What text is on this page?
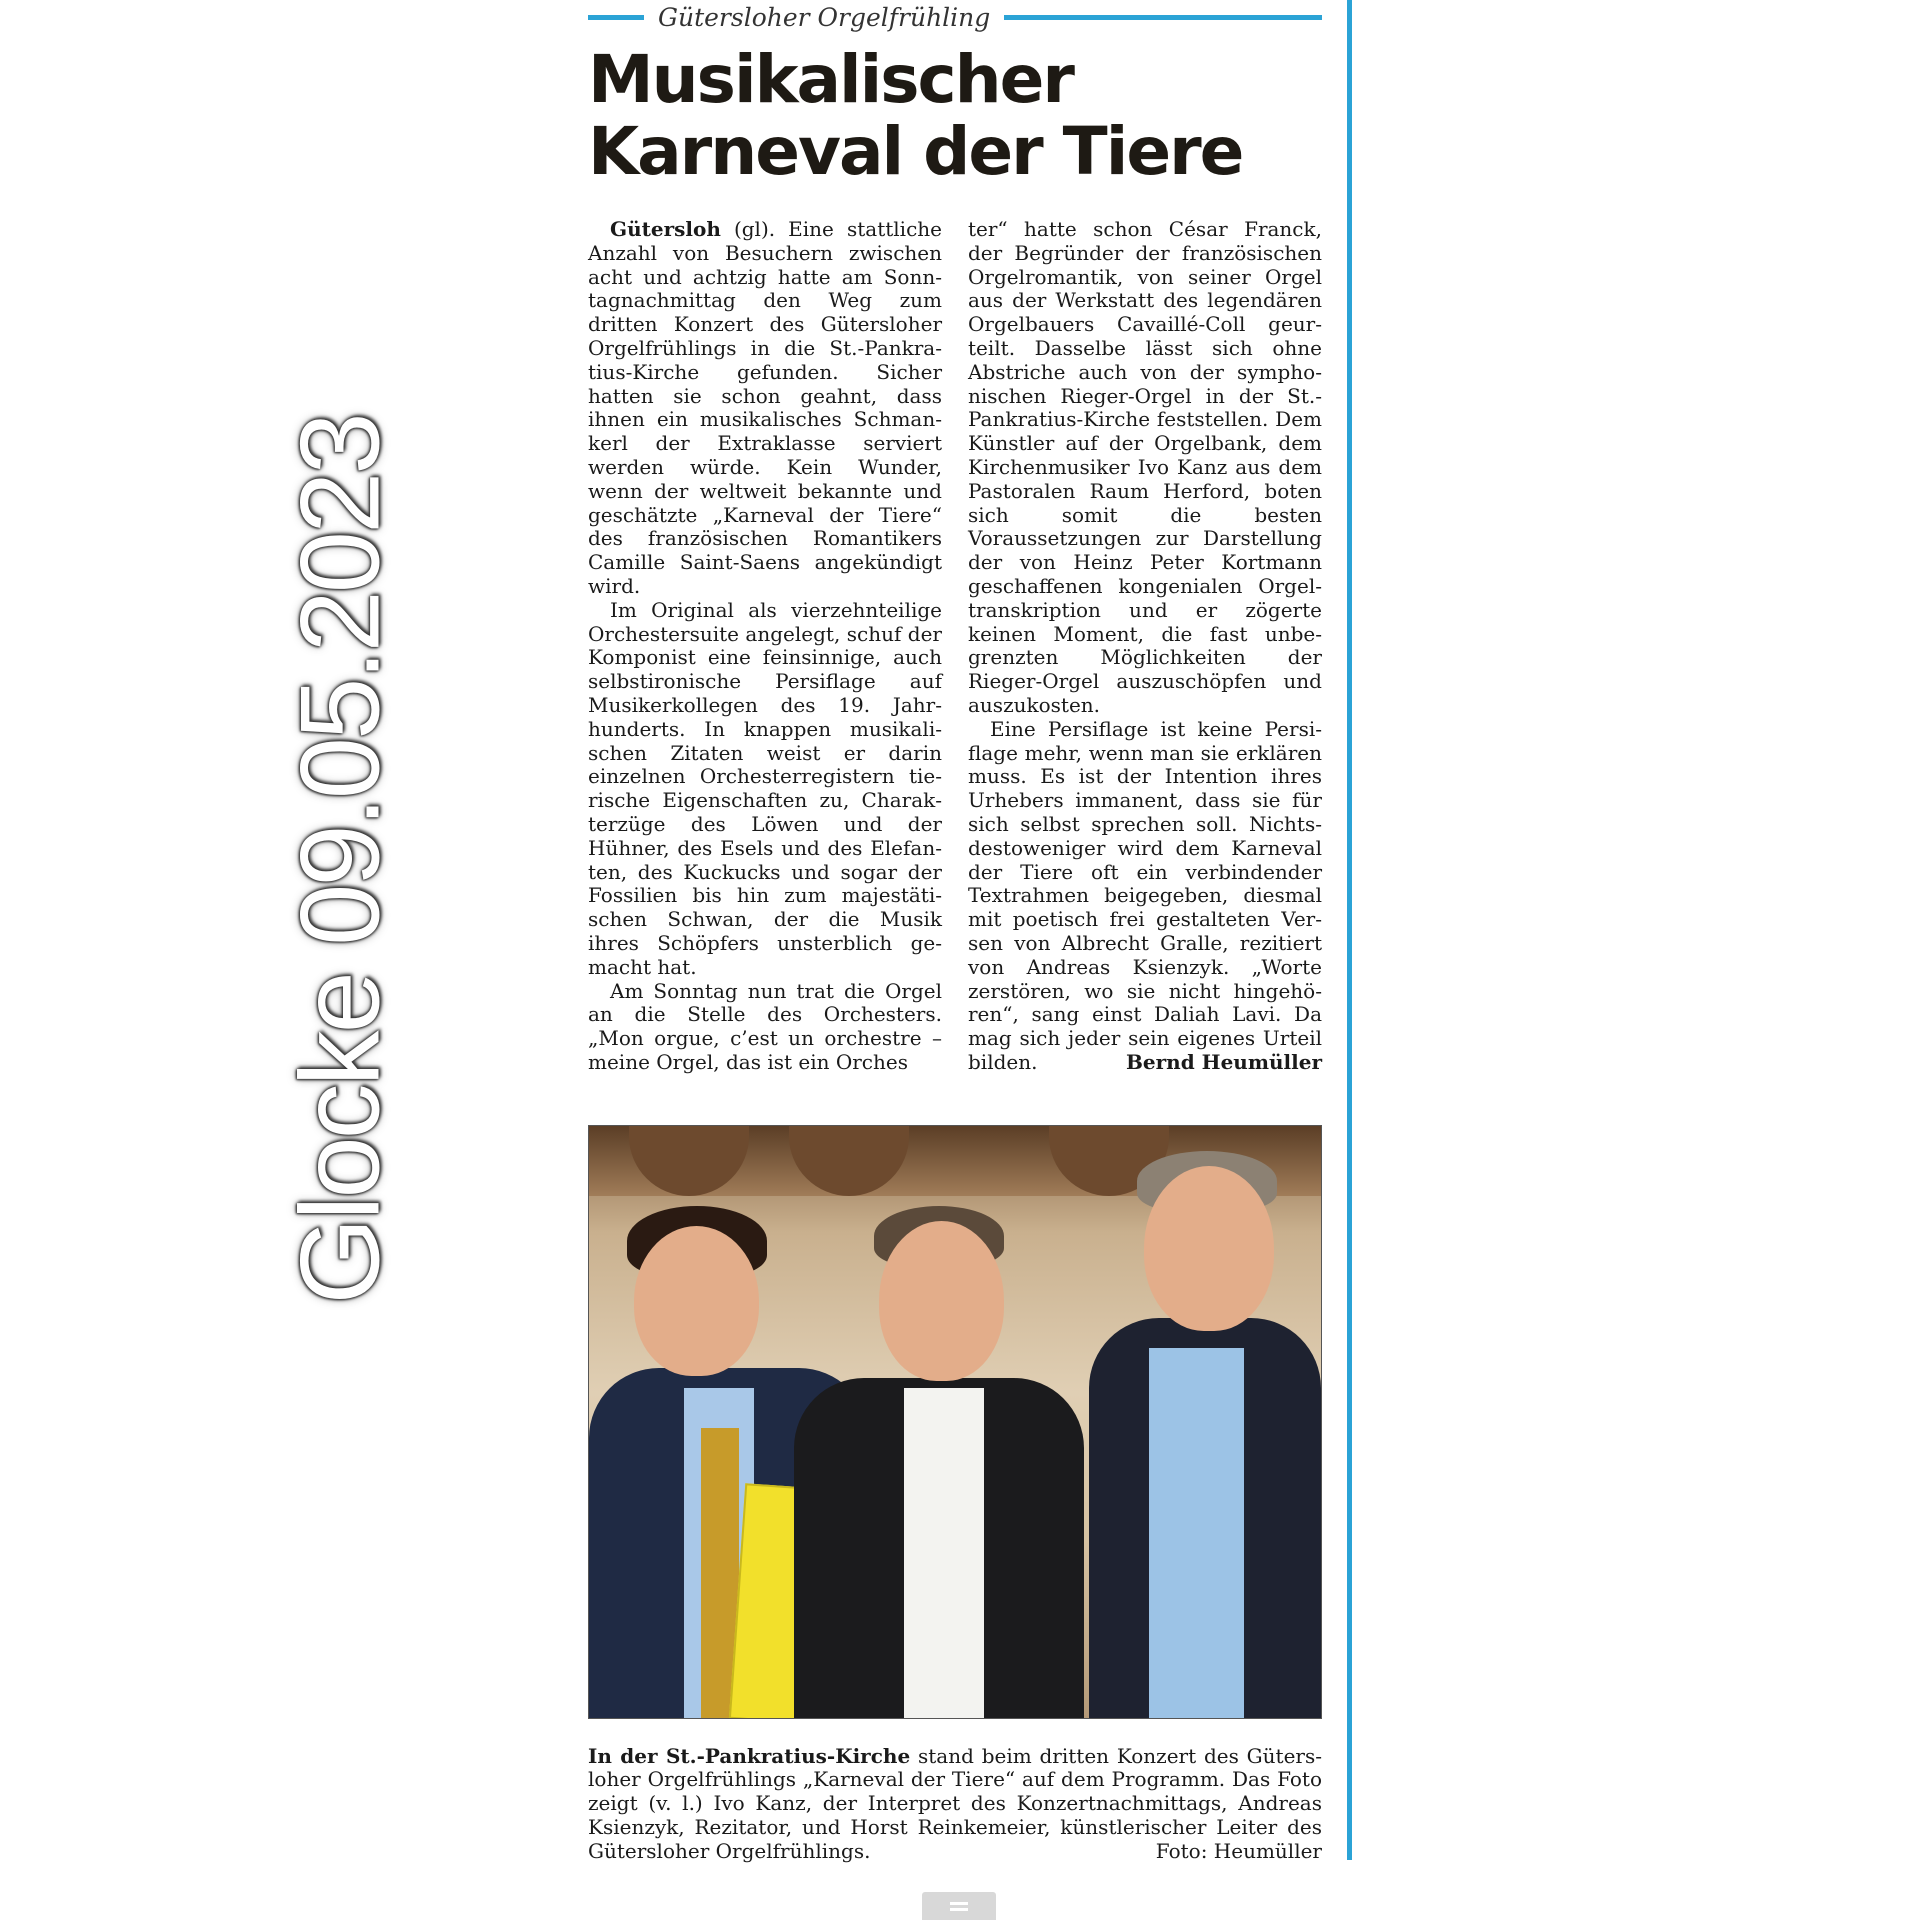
Glocke 09.05.2023
Gütersloher Orgelfrühling
Musikalischer
Karneval der Tiere

Gütersloh (gl). Eine stattliche Anzahl von Besuchern zwischen acht und achtzig hatte am Sonntagnachmittag den Weg zum dritten Konzert des Gütersloher Orgelfrühlings in die St.-Pankratius-Kirche gefunden. Sicher hatten sie schon geahnt, dass ihnen ein musikalisches Schmankerl der Extraklasse serviert werden würde. Kein Wunder, wenn der weltweit bekannte und geschätzte „Karneval der Tiere“ des französischen Romantikers Camille Saint-Saens angekündigt wird.

Im Original als vierzehnteilige Orchestersuite angelegt, schuf der Komponist eine feinsinnige, auch selbstironische Persiflage auf Musikerkollegen des 19. Jahrhunderts. In knappen musikalischen Zitaten weist er darin einzelnen Orchesterregistern tierische Eigenschaften zu, Charakterzüge des Löwen und der Hühner, des Esels und des Elefanten, des Kuckucks und sogar der Fossilien bis hin zum majestätischen Schwan, der die Musik ihres Schöpfers unsterblich gemacht hat.

Am Sonntag nun trat die Orgel an die Stelle des Orchesters. „Mon orgue, c’est un orchestre – meine Orgel, das ist ein Orches

ter“ hatte schon César Franck, der Begründer der französischen Orgelromantik, von seiner Orgel aus der Werkstatt des legendären Orgelbauers Cavaillé-Coll geurteilt. Dasselbe lässt sich ohne Abstriche auch von der symphonischen Rieger-Orgel in der St.-Pankratius-Kirche feststellen. Dem Künstler auf der Orgelbank, dem Kirchenmusiker Ivo Kanz aus dem Pastoralen Raum Herford, boten sich somit die besten Voraussetzungen zur Darstellung der von Heinz Peter Kortmann geschaffenen kongenialen Orgeltranskription und er zögerte keinen Moment, die fast unbegrenzten Möglichkeiten der Rieger-Orgel auszuschöpfen und auszukosten.

Eine Persiflage ist keine Persiflage mehr, wenn man sie erklären muss. Es ist der Intention ihres Urhebers immanent, dass sie für sich selbst sprechen soll. Nichtsdestoweniger wird dem Karneval der Tiere oft ein verbindender Textrahmen beigegeben, diesmal mit poetisch frei gestalteten Versen von Albrecht Gralle, rezitiert von Andreas Ksienzyk. „Worte zerstören, wo sie nicht hingehören“, sang einst Daliah Lavi. Da mag sich jeder sein eigenes Urteil bilden.	Bernd Heumüller
In der St.-Pankratius-Kirche stand beim dritten Konzert des Gütersloher Orgelfrühlings „Karneval der Tiere“ auf dem Programm. Das Foto zeigt (v. l.) Ivo Kanz, der Interpret des Konzertnachmittags, Andreas Ksienzyk, Rezitator, und Horst Reinkemeier, künstlerischer Leiter des Gütersloher Orgelfrühlings.	Foto: Heumüller
